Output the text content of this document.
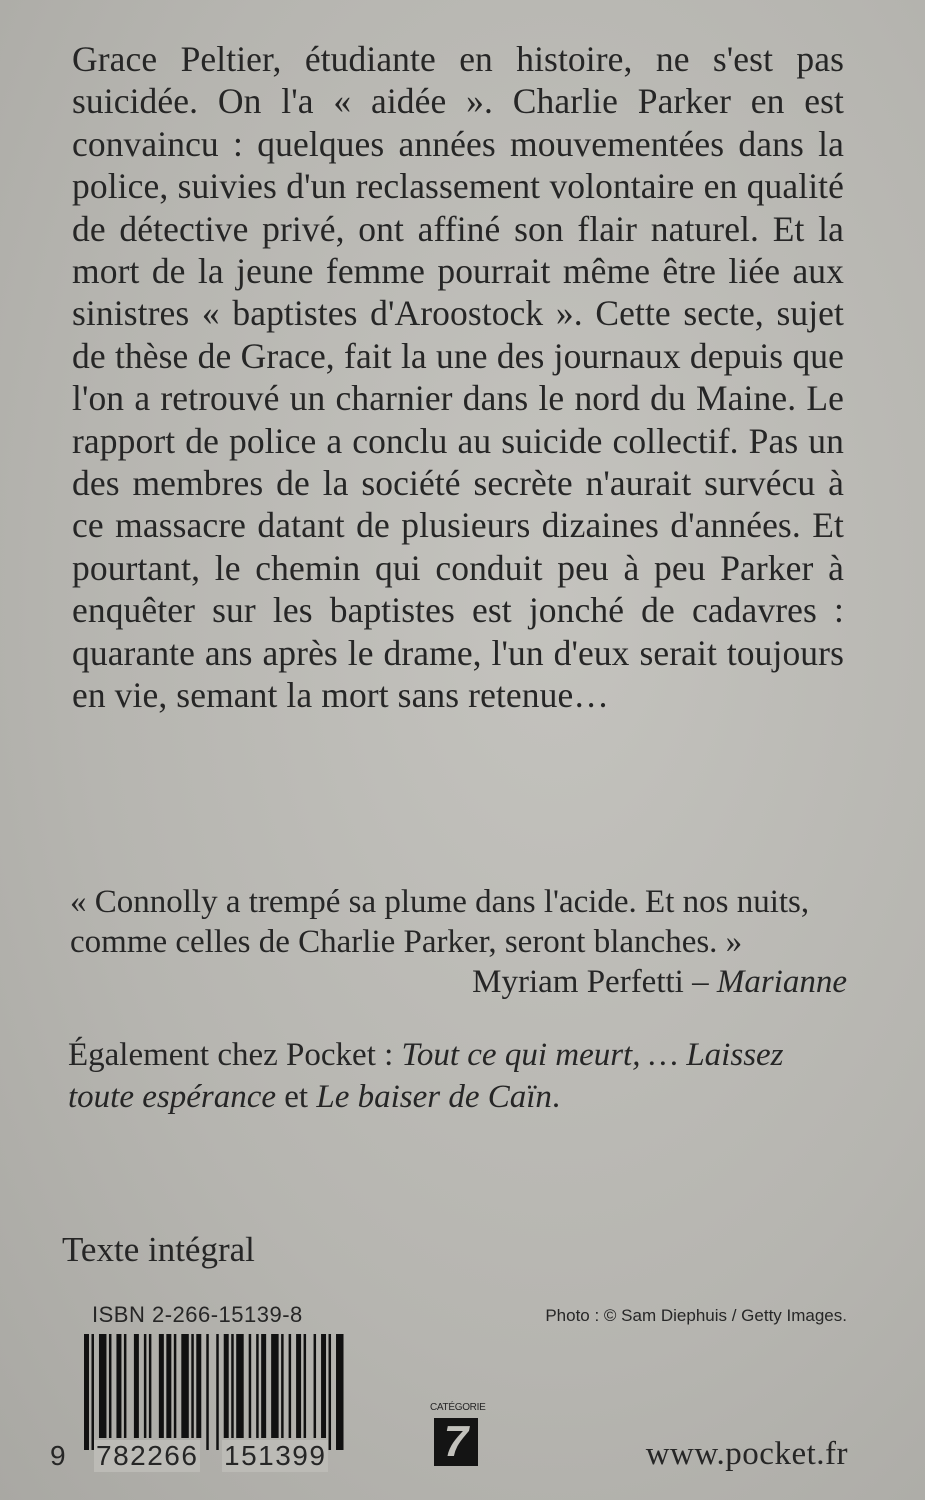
Grace Peltier, étudiante en histoire, ne s'est pas suicidée. On l'a « aidée ». Charlie Parker en est convaincu : quelques années mouvementées dans la police, suivies d'un reclassement volontaire en qualité de détective privé, ont affiné son flair naturel. Et la mort de la jeune femme pourrait même être liée aux sinistres « baptistes d'Aroostock ». Cette secte, sujet de thèse de Grace, fait la une des journaux depuis que l'on a retrouvé un charnier dans le nord du Maine. Le rapport de police a conclu au suicide collectif. Pas un des membres de la société secrète n'aurait survécu à ce massacre datant de plusieurs dizaines d'années. Et pourtant, le chemin qui conduit peu à peu Parker à enquêter sur les baptistes est jonché de cadavres : quarante ans après le drame, l'un d'eux serait toujours en vie, semant la mort sans retenue…
« Connolly a trempé sa plume dans l'acide. Et nos nuits,

comme celles de Charlie Parker, seront blanches. »
Myriam Perfetti – Marianne
Également chez Pocket : Tout ce qui meurt, … Laissez toute espérance et Le baiser de Caïn.
Texte intégral
ISBN 2-266-15139-8	Photo : © Sam Diephuis / Getty Images.
9 782266 151399
CATÉGORIE
7	www.pocket.fr
